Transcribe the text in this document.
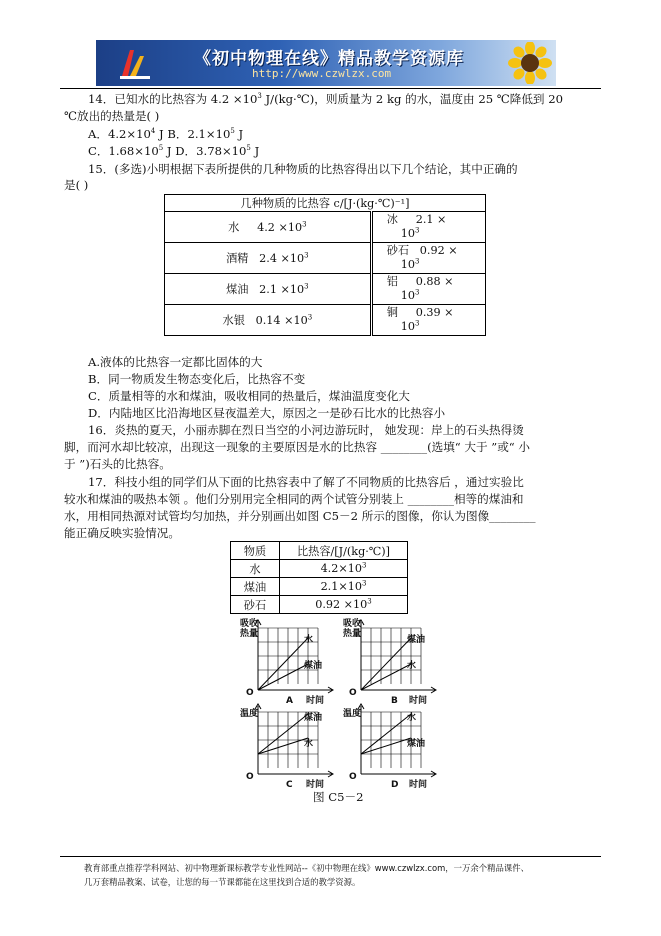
《初中物理在线》精品教学资源库
http://www.czwlzx.com
14．已知水的比热容为 $4.2 \times 10^3$ J/(kg·℃)，则质量为 2 kg 的水，温度由 25 ℃降低到 20
℃放出的热量是( )
A．$4.2\times 10^4$ J B．$2.1\times 10^5$ J
C．$1.68\times 10^5$ J D．$3.78\times 10^5$ J
15．(多选)小明根据下表所提供的几种物质的比热容得出以下几个结论，其中正确的
是( )
几种物质的比热容 c/[J·(kg·℃)⁻¹]	
水 $4.2 \times 10^3$	冰 2.1 ×
$10^3$
酒精 $2.4 \times 10^3$	砂石 0.92 ×
$10^3$
煤油 $2.1 \times 10^3$	铝 0.88 ×
$10^3$
水银 $0.14 \times 10^3$	铜 0.39 ×
$10^3$
A.液体的比热容一定都比固体的大
B．同一物质发生物态变化后，比热容不变
C．质量相等的水和煤油，吸收相同的热量后，煤油温度变化大
D．内陆地区比沿海地区昼夜温差大，原因之一是砂石比水的比热容小
16．炎热的夏天，小丽赤脚在烈日当空的小河边游玩时， 她发现：岸上的石头热得烫
脚，而河水却比较凉，出现这一现象的主要原因是水的比热容 ________(选填“ 大于 ”或“ 小
于 ”)石头的比热容。
17．科技小组的同学们从下面的比热容表中了解了不同物质的比热容后 ，通过实验比
较水和煤油的吸热本领 。他们分别用完全相同的两个试管分别装上 ________相等的煤油和
水，用相同热源对试管均匀加热，并分别画出如图 C5－2 所示的图像，你认为图像________
能正确反映实验情况。
物质	比热容/[J/(kg·℃)]
水	$4.2\times 10^3$
煤油	$2.1\times 10^3$
砂石	$0.92 \times 10^3$
吸收
热量
水
煤油
O
时间
A
吸收
热量
煤油
水
O
时间
B
温度	煤油
水
O
时间
C
温度	水
煤油
O
时间
D
图 C5－2
教育部重点推荐学科网站、初中物理新课标教学专业性网站--《初中物理在线》www.czwlzx.com，一万余个精品课件、
几万套精品教案、试卷，让您的每一节课都能在这里找到合适的教学资源。
